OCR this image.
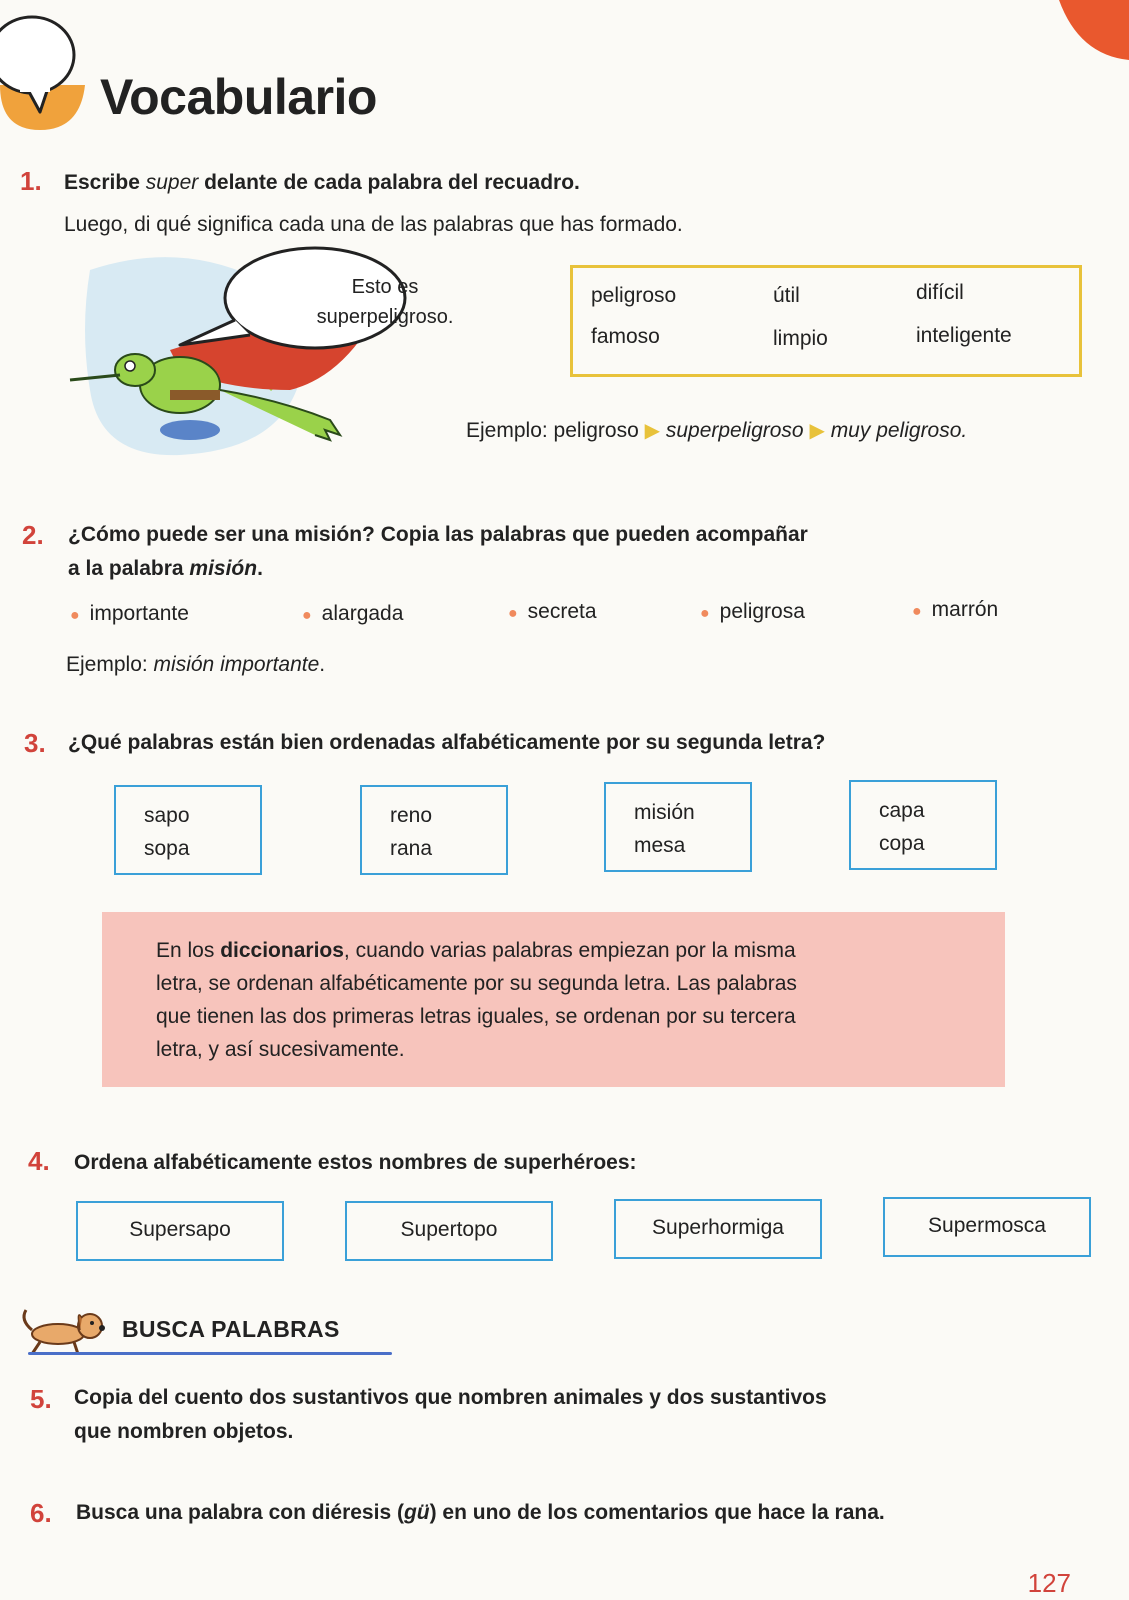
Vocabulario
1. Escribe super delante de cada palabra del recuadro.
Luego, di qué significa cada una de las palabras que has formado.
Esto es
superpeligroso.
peligroso	útil	difícil
famoso	limpio	inteligente
Ejemplo: peligroso ▶ superpeligroso ▶ muy peligroso.
2. ¿Cómo puede ser una misión? Copia las palabras que pueden acompañar
a la palabra misión.
● importante	● alargada	● secreta	● peligrosa	● marrón
Ejemplo: misión importante.
3. ¿Qué palabras están bien ordenadas alfabéticamente por su segunda letra?
sapo
sopa
reno
rana
misión
mesa
capa
copa
En los diccionarios, cuando varias palabras empiezan por la misma
letra, se ordenan alfabéticamente por su segunda letra. Las palabras
que tienen las dos primeras letras iguales, se ordenan por su tercera
letra, y así sucesivamente.
4. Ordena alfabéticamente estos nombres de superhéroes:
Supersapo	Supertopo	Superhormiga	Supermosca
BUSCA PALABRAS
5. Copia del cuento dos sustantivos que nombren animales y dos sustantivos
que nombren objetos.
6. Busca una palabra con diéresis (gü) en uno de los comentarios que hace la rana.
127
